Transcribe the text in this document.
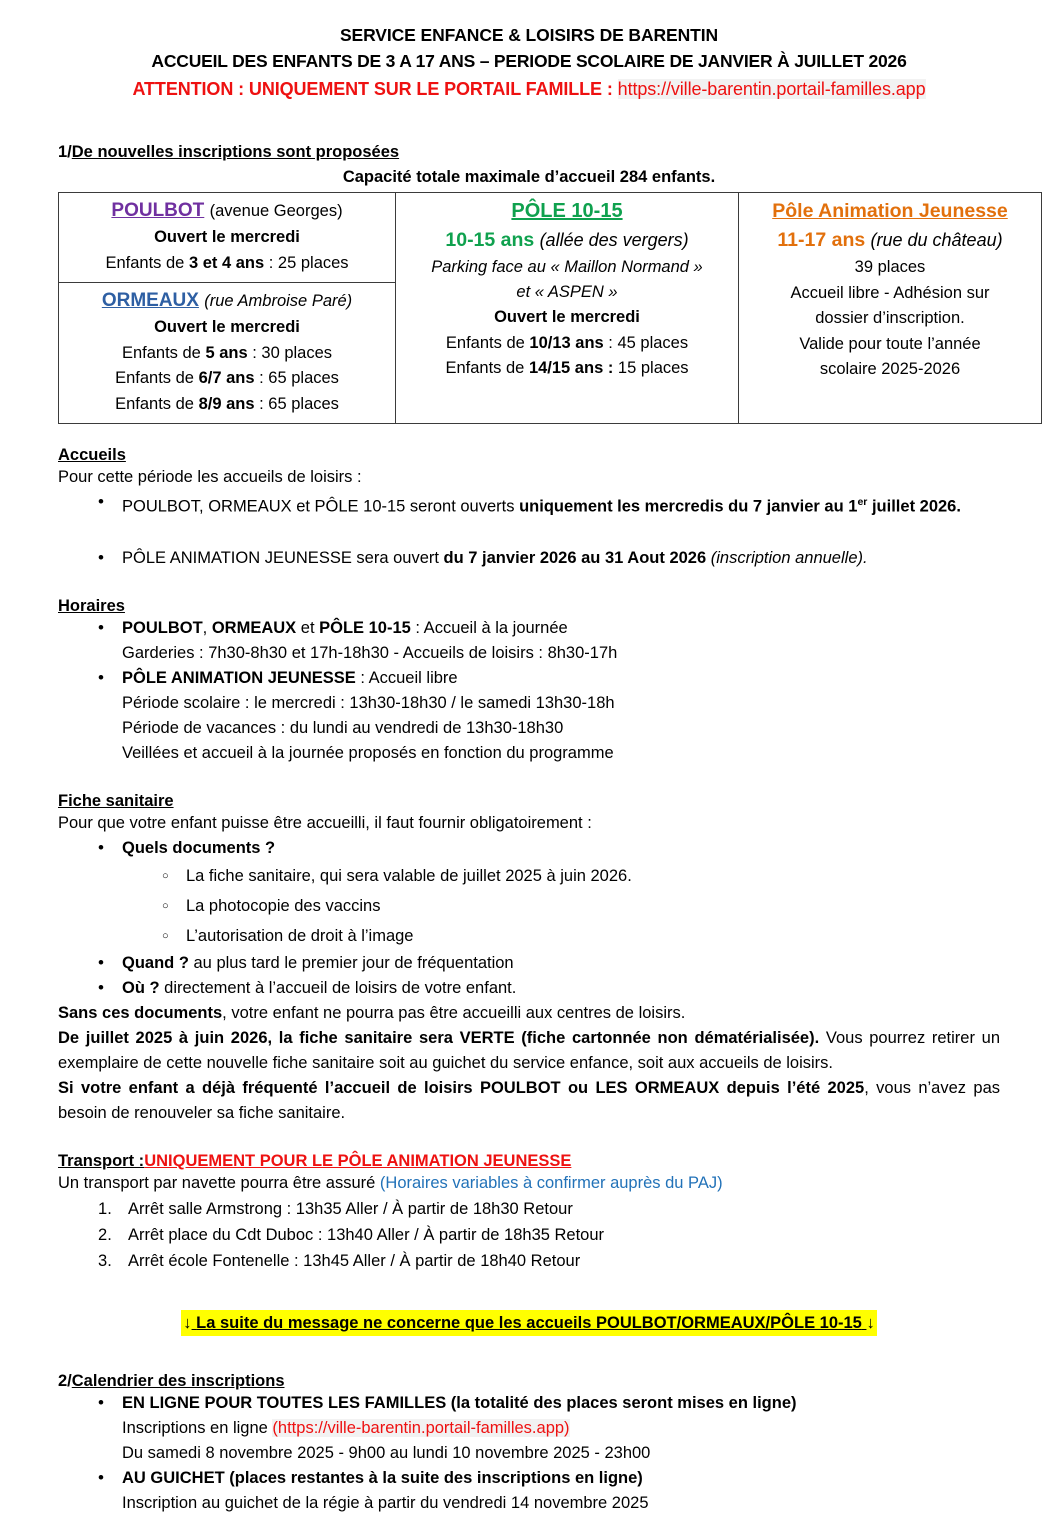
SERVICE ENFANCE & LOISIRS DE BARENTIN
ACCUEIL DES ENFANTS DE 3 A 17 ANS – PERIODE SCOLAIRE DE JANVIER À JUILLET 2026
ATTENTION : UNIQUEMENT SUR LE PORTAIL FAMILLE : https://ville-barentin.portail-familles.app
1/De nouvelles inscriptions sont proposées
Capacité totale maximale d’accueil 284 enfants.
POULBOT (avenue Georges)
Ouvert le mercredi
Enfants de 3 et 4 ans : 25 places

PÔLE 10-15
10-15 ans (allée des vergers)
Parking face au « Maillon Normand »
et « ASPEN »
Ouvert le mercredi
Enfants de 10/13 ans : 45 places
Enfants de 14/15 ans : 15 places

Pôle Animation Jeunesse
11-17 ans (rue du château)
39 places
Accueil libre - Adhésion sur
dossier d’inscription.
Valide pour toute l’année
scolaire 2025-2026

ORMEAUX (rue Ambroise Paré)
Ouvert le mercredi
Enfants de 5 ans : 30 places
Enfants de 6/7 ans : 65 places
Enfants de 8/9 ans : 65 places
Accueils

Pour cette période les accueils de loisirs :

• POULBOT, ORMEAUX et PÔLE 10-15 seront ouverts uniquement les mercredis du 7 janvier au 1er juillet 2026.
• PÔLE ANIMATION JEUNESSE sera ouvert du 7 janvier 2026 au 31 Aout 2026 (inscription annuelle).
Horaires
• POULBOT, ORMEAUX et PÔLE 10-15 : Accueil à la journée
Garderies : 7h30-8h30 et 17h-18h30 - Accueils de loisirs : 8h30-17h
• PÔLE ANIMATION JEUNESSE : Accueil libre
Période scolaire : le mercredi : 13h30-18h30 / le samedi 13h30-18h
Période de vacances : du lundi au vendredi de 13h30-18h30
Veillées et accueil à la journée proposés en fonction du programme
Fiche sanitaire

Pour que votre enfant puisse être accueilli, il faut fournir obligatoirement :

• Quels documents ?
○ La fiche sanitaire, qui sera valable de juillet 2025 à juin 2026.
○ La photocopie des vaccins
○ L’autorisation de droit à l’image
• Quand ? au plus tard le premier jour de fréquentation
• Où ? directement à l’accueil de loisirs de votre enfant.

Sans ces documents, votre enfant ne pourra pas être accueilli aux centres de loisirs.

De juillet 2025 à juin 2026, la fiche sanitaire sera VERTE (fiche cartonnée non dématérialisée). Vous pourrez retirer un exemplaire de cette nouvelle fiche sanitaire soit au guichet du service enfance, soit aux accueils de loisirs.

Si votre enfant a déjà fréquenté l’accueil de loisirs POULBOT ou LES ORMEAUX depuis l’été 2025, vous n’avez pas besoin de renouveler sa fiche sanitaire.

Transport :UNIQUEMENT POUR LE PÔLE ANIMATION JEUNESSE

Un transport par navette pourra être assuré (Horaires variables à confirmer auprès du PAJ)

Arrêt salle Armstrong : 13h35 Aller / À partir de 18h30 Retour
Arrêt place du Cdt Duboc : 13h40 Aller / À partir de 18h35 Retour
Arrêt école Fontenelle : 13h45 Aller / À partir de 18h40 Retour
↓ La suite du message ne concerne que les accueils POULBOT/ORMEAUX/PÔLE 10-15 ↓
2/Calendrier des inscriptions
• EN LIGNE POUR TOUTES LES FAMILLES (la totalité des places seront mises en ligne)
Inscriptions en ligne (https://ville-barentin.portail-familles.app)
Du samedi 8 novembre 2025 - 9h00 au lundi 10 novembre 2025 - 23h00
• AU GUICHET (places restantes à la suite des inscriptions en ligne)
Inscription au guichet de la régie à partir du vendredi 14 novembre 2025
